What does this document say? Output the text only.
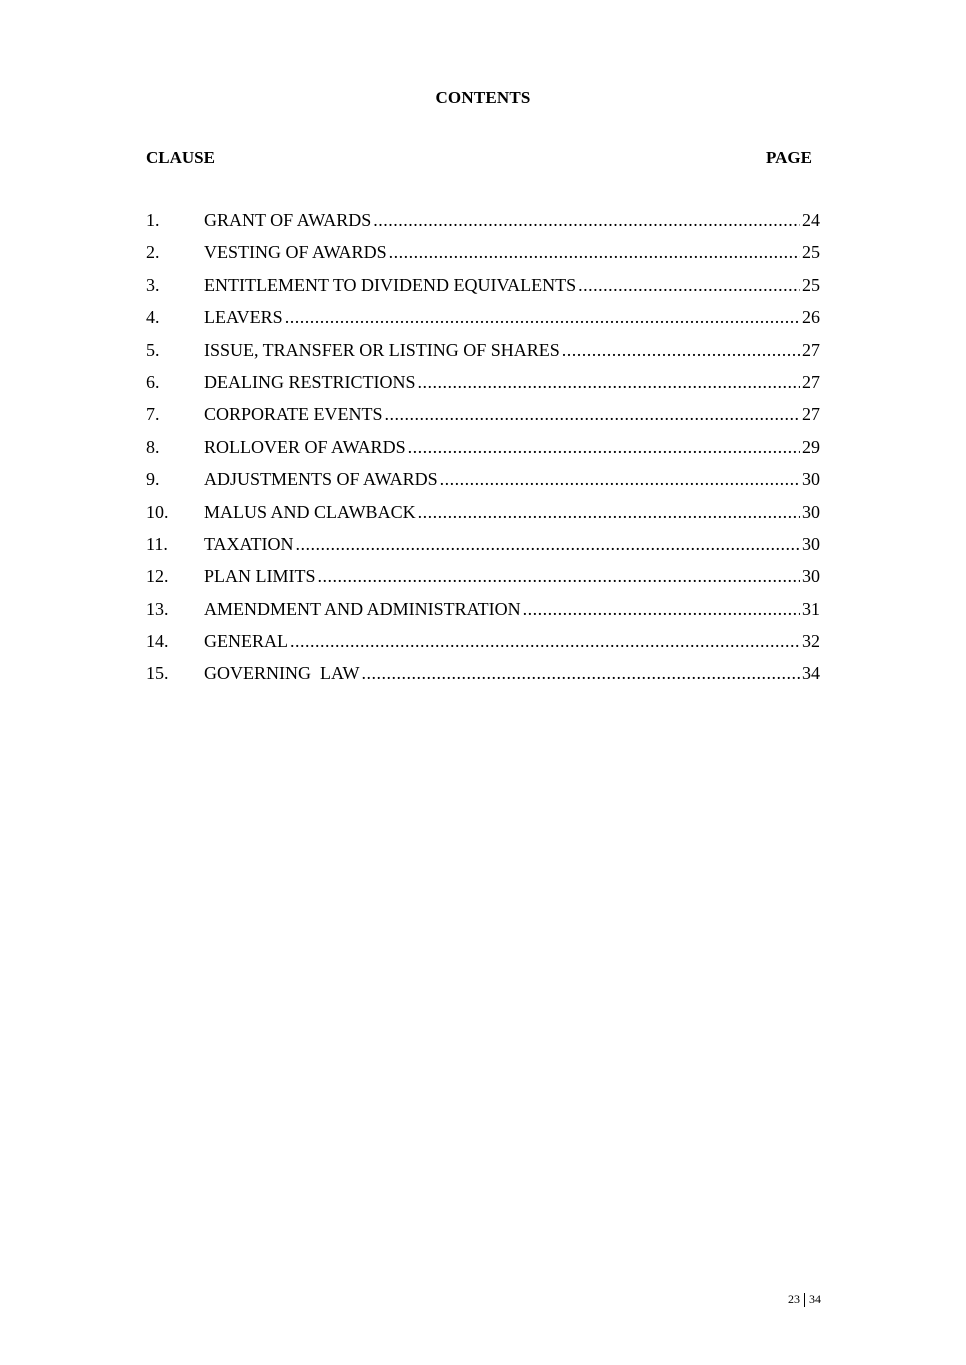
CONTENTS
CLAUSE	PAGE
1.	GRANT OF AWARDS .....	24
2.	VESTING OF AWARDS .....	25
3.	ENTITLEMENT TO DIVIDEND EQUIVALENTS .....	25
4.	LEAVERS .....	26
5.	ISSUE, TRANSFER OR LISTING OF SHARES .....	27
6.	DEALING RESTRICTIONS .....	27
7.	CORPORATE EVENTS .....	27
8.	ROLLOVER OF AWARDS .....	29
9.	ADJUSTMENTS OF AWARDS .....	30
10.	MALUS AND CLAWBACK .....	30
11.	TAXATION .....	30
12.	PLAN LIMITS .....	30
13.	AMENDMENT AND ADMINISTRATION .....	31
14.	GENERAL .....	32
15.	GOVERNING  LAW .....	34
23 34
